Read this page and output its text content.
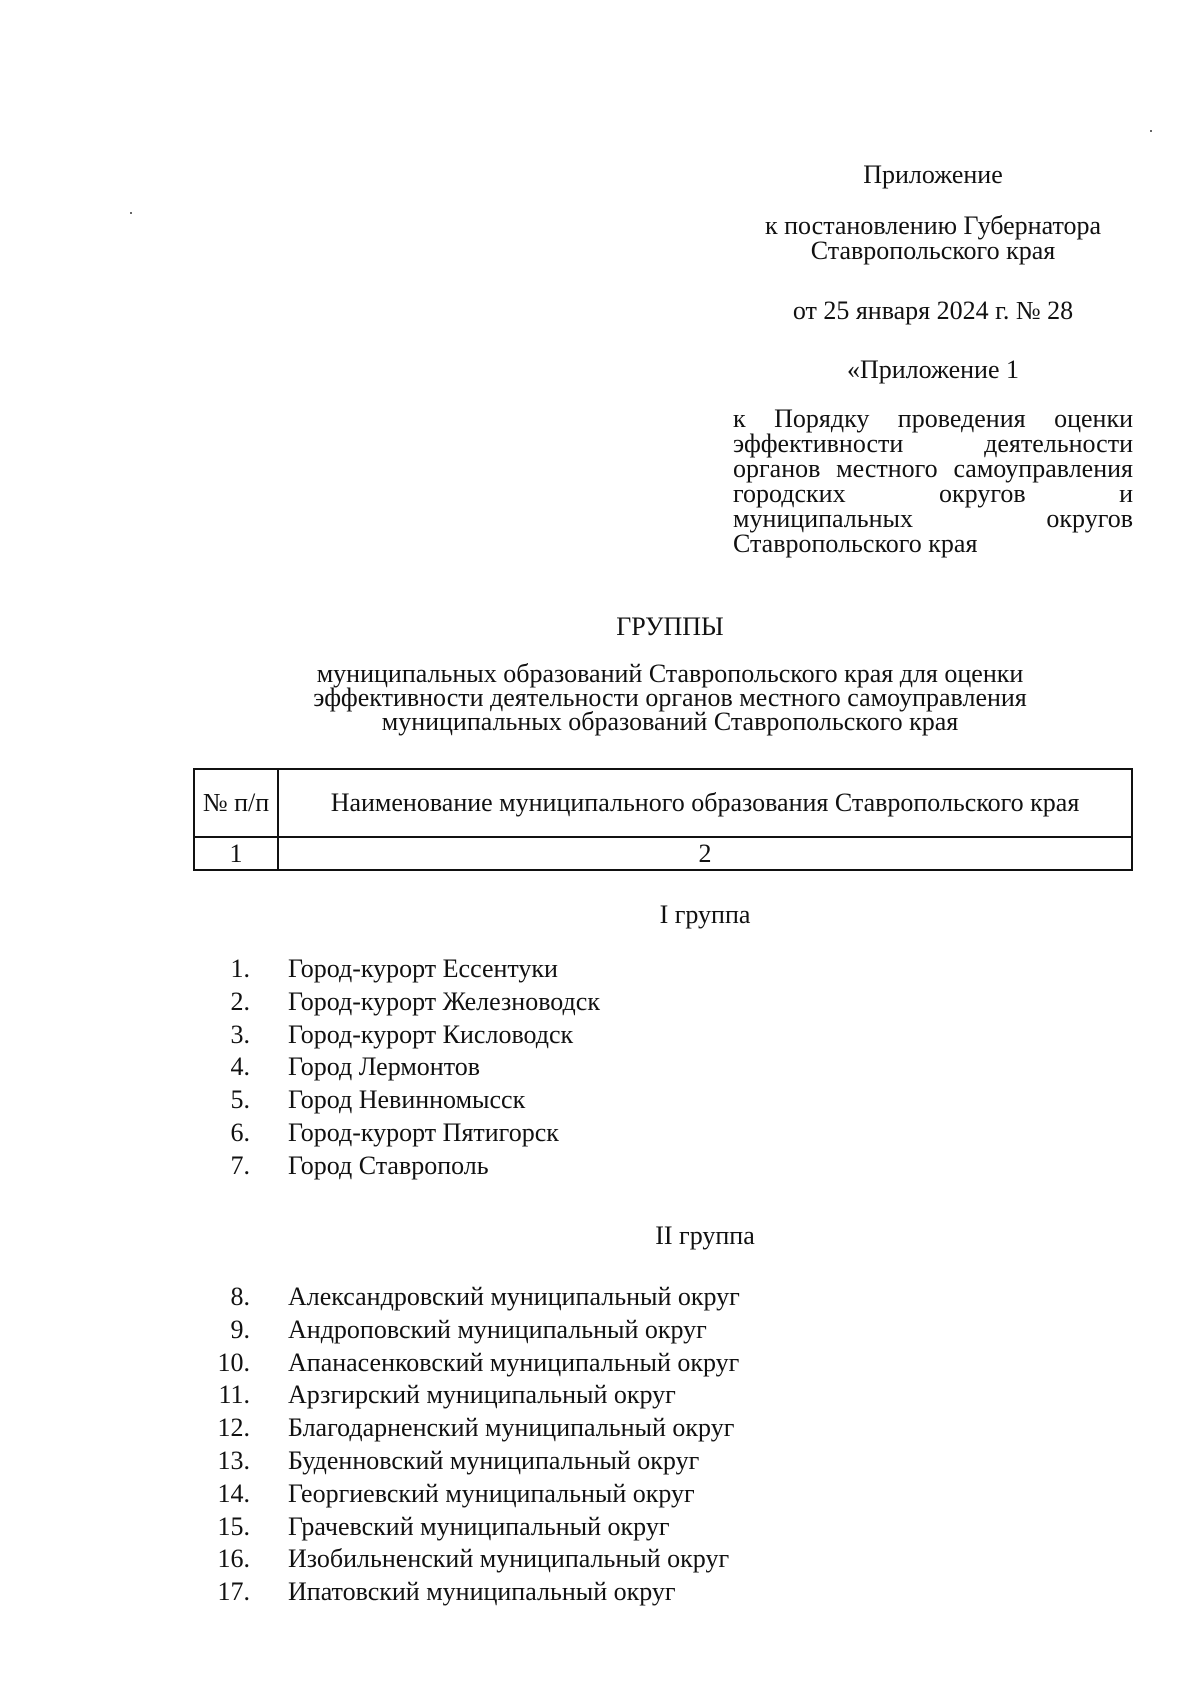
Приложение
к постановлению Губернатора
Ставропольского края
от 25 января 2024 г. № 28
«Приложение 1
к Порядку проведения оценки эффективности деятельности органов местного самоуправления городских округов и муниципальных округов Ставропольского края
ГРУППЫ
муниципальных образований Ставропольского края для оценки
эффективности деятельности органов местного самоуправления
муниципальных образований Ставропольского края
№ п/п	Наименование муниципального образования Ставропольского края
1	2
I группа
1. Город-курорт Ессентуки
2. Город-курорт Железноводск
3. Город-курорт Кисловодск
4. Город Лермонтов
5. Город Невинномысск
6. Город-курорт Пятигорск
7. Город Ставрополь
II группа
8. Александровский муниципальный округ
9. Андроповский муниципальный округ
10. Апанасенковский муниципальный округ
11. Арзгирский муниципальный округ
12. Благодарненский муниципальный округ
13. Буденновский муниципальный округ
14. Георгиевский муниципальный округ
15. Грачевский муниципальный округ
16. Изобильненский муниципальный округ
17. Ипатовский муниципальный округ
